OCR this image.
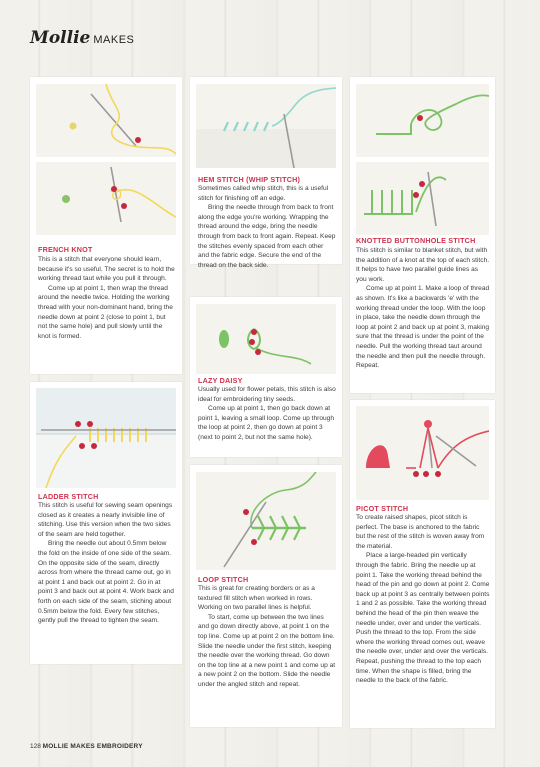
Mollie MAKES
FRENCH KNOT

This is a stitch that everyone should learn, because it's so useful. The secret is to hold the working thread taut while you pull it through.

Come up at point 1, then wrap the thread around the needle twice. Holding the working thread with your non-dominant hand, bring the needle down at point 2 (close to point 1, but not the same hole) and pull slowly until the knot is formed.

HEM STITCH (WHIP STITCH)

Sometimes called whip stitch, this is a useful stitch for finishing off an edge.

Bring the needle through from back to front along the edge you're working. Wrapping the thread around the edge, bring the needle through from back to front again. Repeat. Keep the stitches evenly spaced from each other and the fabric edge. Secure the end of the thread on the back side.

KNOTTED BUTTONHOLE STITCH

This stitch is similar to blanket stitch, but with the addition of a knot at the top of each stitch. It helps to have two parallel guide lines as you work.

Come up at point 1. Make a loop of thread as shown. It's like a backwards 'e' with the working thread under the loop. With the loop in place, take the needle down through the loop at point 2 and back up at point 3, making sure that the thread is under the point of the needle. Pull the working thread taut around the needle and then pull the needle through. Repeat.

LAZY DAISY

Usually used for flower petals, this stitch is also ideal for embroidering tiny seeds.

Come up at point 1, then go back down at point 1, leaving a small loop. Come up through the loop at point 2, then go down at point 3 (next to point 2, but not the same hole).

LADDER STITCH

This stitch is useful for sewing seam openings closed as it creates a nearly invisible line of stitching. Use this version when the two sides of the seam are held together.

Bring the needle out about 0.5mm below the fold on the inside of one side of the seam. On the opposite side of the seam, directly across from where the thread came out, go in at point 1 and back out at point 2. Go in at point 3 and back out at point 4. Work back and forth on each side of the seam, stiching about 0.5mm below the fold. Every few stitches, gently pull the thread to tighten the seam.

LOOP STITCH

This is great for creating borders or as a textured fill stitch when worked in rows. Working on two parallel lines is helpful.

To start, come up between the two lines and go down directly above, at point 1 on the top line. Come up at point 2 on the bottom line. Slide the needle under the first stitch, keeping the needle over the working thread. Go down on the top line at a new point 1 and come up at a new point 2 on the bottom. Slide the needle under the angled stitch and repeat.

PICOT STITCH

To create raised shapes, picot stitch is perfect. The base is anchored to the fabric but the rest of the stitch is woven away from the material.

Place a large-headed pin vertically through the fabric. Bring the needle up at point 1. Take the working thread behind the head of the pin and go down at point 2. Come back up at point 3 as centrally between points 1 and 2 as possible. Take the working thread behind the head of the pin then weave the needle under, over and under the verticals. Push the thread to the top. From the side where the working thread comes out, weave the needle over, under and over the verticals. Repeat, pushing the thread to the top each time. When the shape is filled, bring the needle to the back of the fabric.

128 MOLLIE MAKES EMBROIDERY
